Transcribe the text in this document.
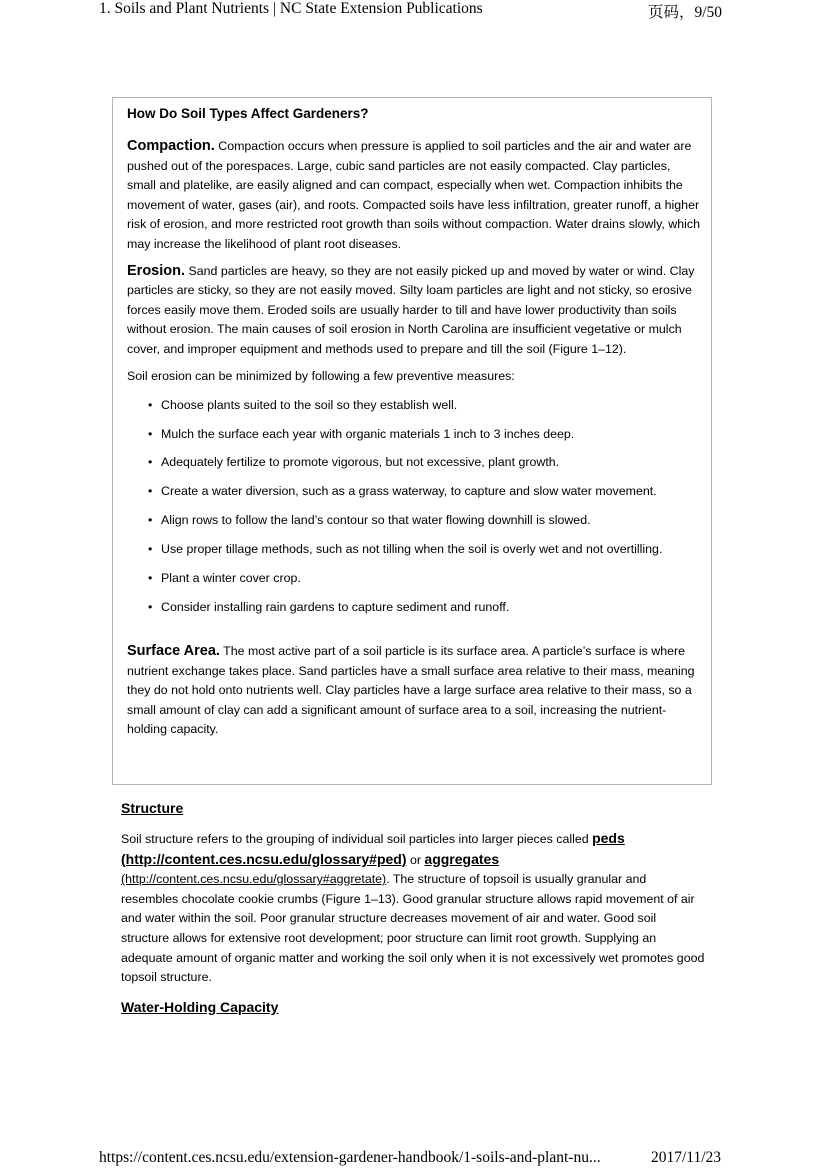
1. Soils and Plant Nutrients | NC State Extension Publications	页码，9/50
How Do Soil Types Affect Gardeners?

Compaction. Compaction occurs when pressure is applied to soil particles and the air and water are pushed out of the porespaces. Large, cubic sand particles are not easily compacted. Clay particles, small and platelike, are easily aligned and can compact, especially when wet. Compaction inhibits the movement of water, gases (air), and roots. Compacted soils have less infiltration, greater runoff, a higher risk of erosion, and more restricted root growth than soils without compaction. Water drains slowly, which may increase the likelihood of plant root diseases.

Erosion. Sand particles are heavy, so they are not easily picked up and moved by water or wind. Clay particles are sticky, so they are not easily moved. Silty loam particles are light and not sticky, so erosive forces easily move them. Eroded soils are usually harder to till and have lower productivity than soils without erosion. The main causes of soil erosion in North Carolina are insufficient vegetative or mulch cover, and improper equipment and methods used to prepare and till the soil (Figure 1–12).

Soil erosion can be minimized by following a few preventive measures:

• Choose plants suited to the soil so they establish well.
• Mulch the surface each year with organic materials 1 inch to 3 inches deep.
• Adequately fertilize to promote vigorous, but not excessive, plant growth.
• Create a water diversion, such as a grass waterway, to capture and slow water movement.
• Align rows to follow the land’s contour so that water flowing downhill is slowed.
• Use proper tillage methods, such as not tilling when the soil is overly wet and not overtilling.
• Plant a winter cover crop.
• Consider installing rain gardens to capture sediment and runoff.

Surface Area. The most active part of a soil particle is its surface area. A particle’s surface is where nutrient exchange takes place. Sand particles have a small surface area relative to their mass, meaning they do not hold onto nutrients well. Clay particles have a large surface area relative to their mass, so a small amount of clay can add a significant amount of surface area to a soil, increasing the nutrient-holding capacity.

Structure

Soil structure refers to the grouping of individual soil particles into larger pieces called peds (http://content.ces.ncsu.edu/glossary#ped) or aggregates (http://content.ces.ncsu.edu/glossary#aggretate). The structure of topsoil is usually granular and resembles chocolate cookie crumbs (Figure 1–13). Good granular structure allows rapid movement of air and water within the soil. Poor granular structure decreases movement of air and water. Good soil structure allows for extensive root development; poor structure can limit root growth. Supplying an adequate amount of organic matter and working the soil only when it is not excessively wet promotes good topsoil structure.

Water-Holding Capacity
https://content.ces.ncsu.edu/extension-gardener-handbook/1-soils-and-plant-nu...	2017/11/23
